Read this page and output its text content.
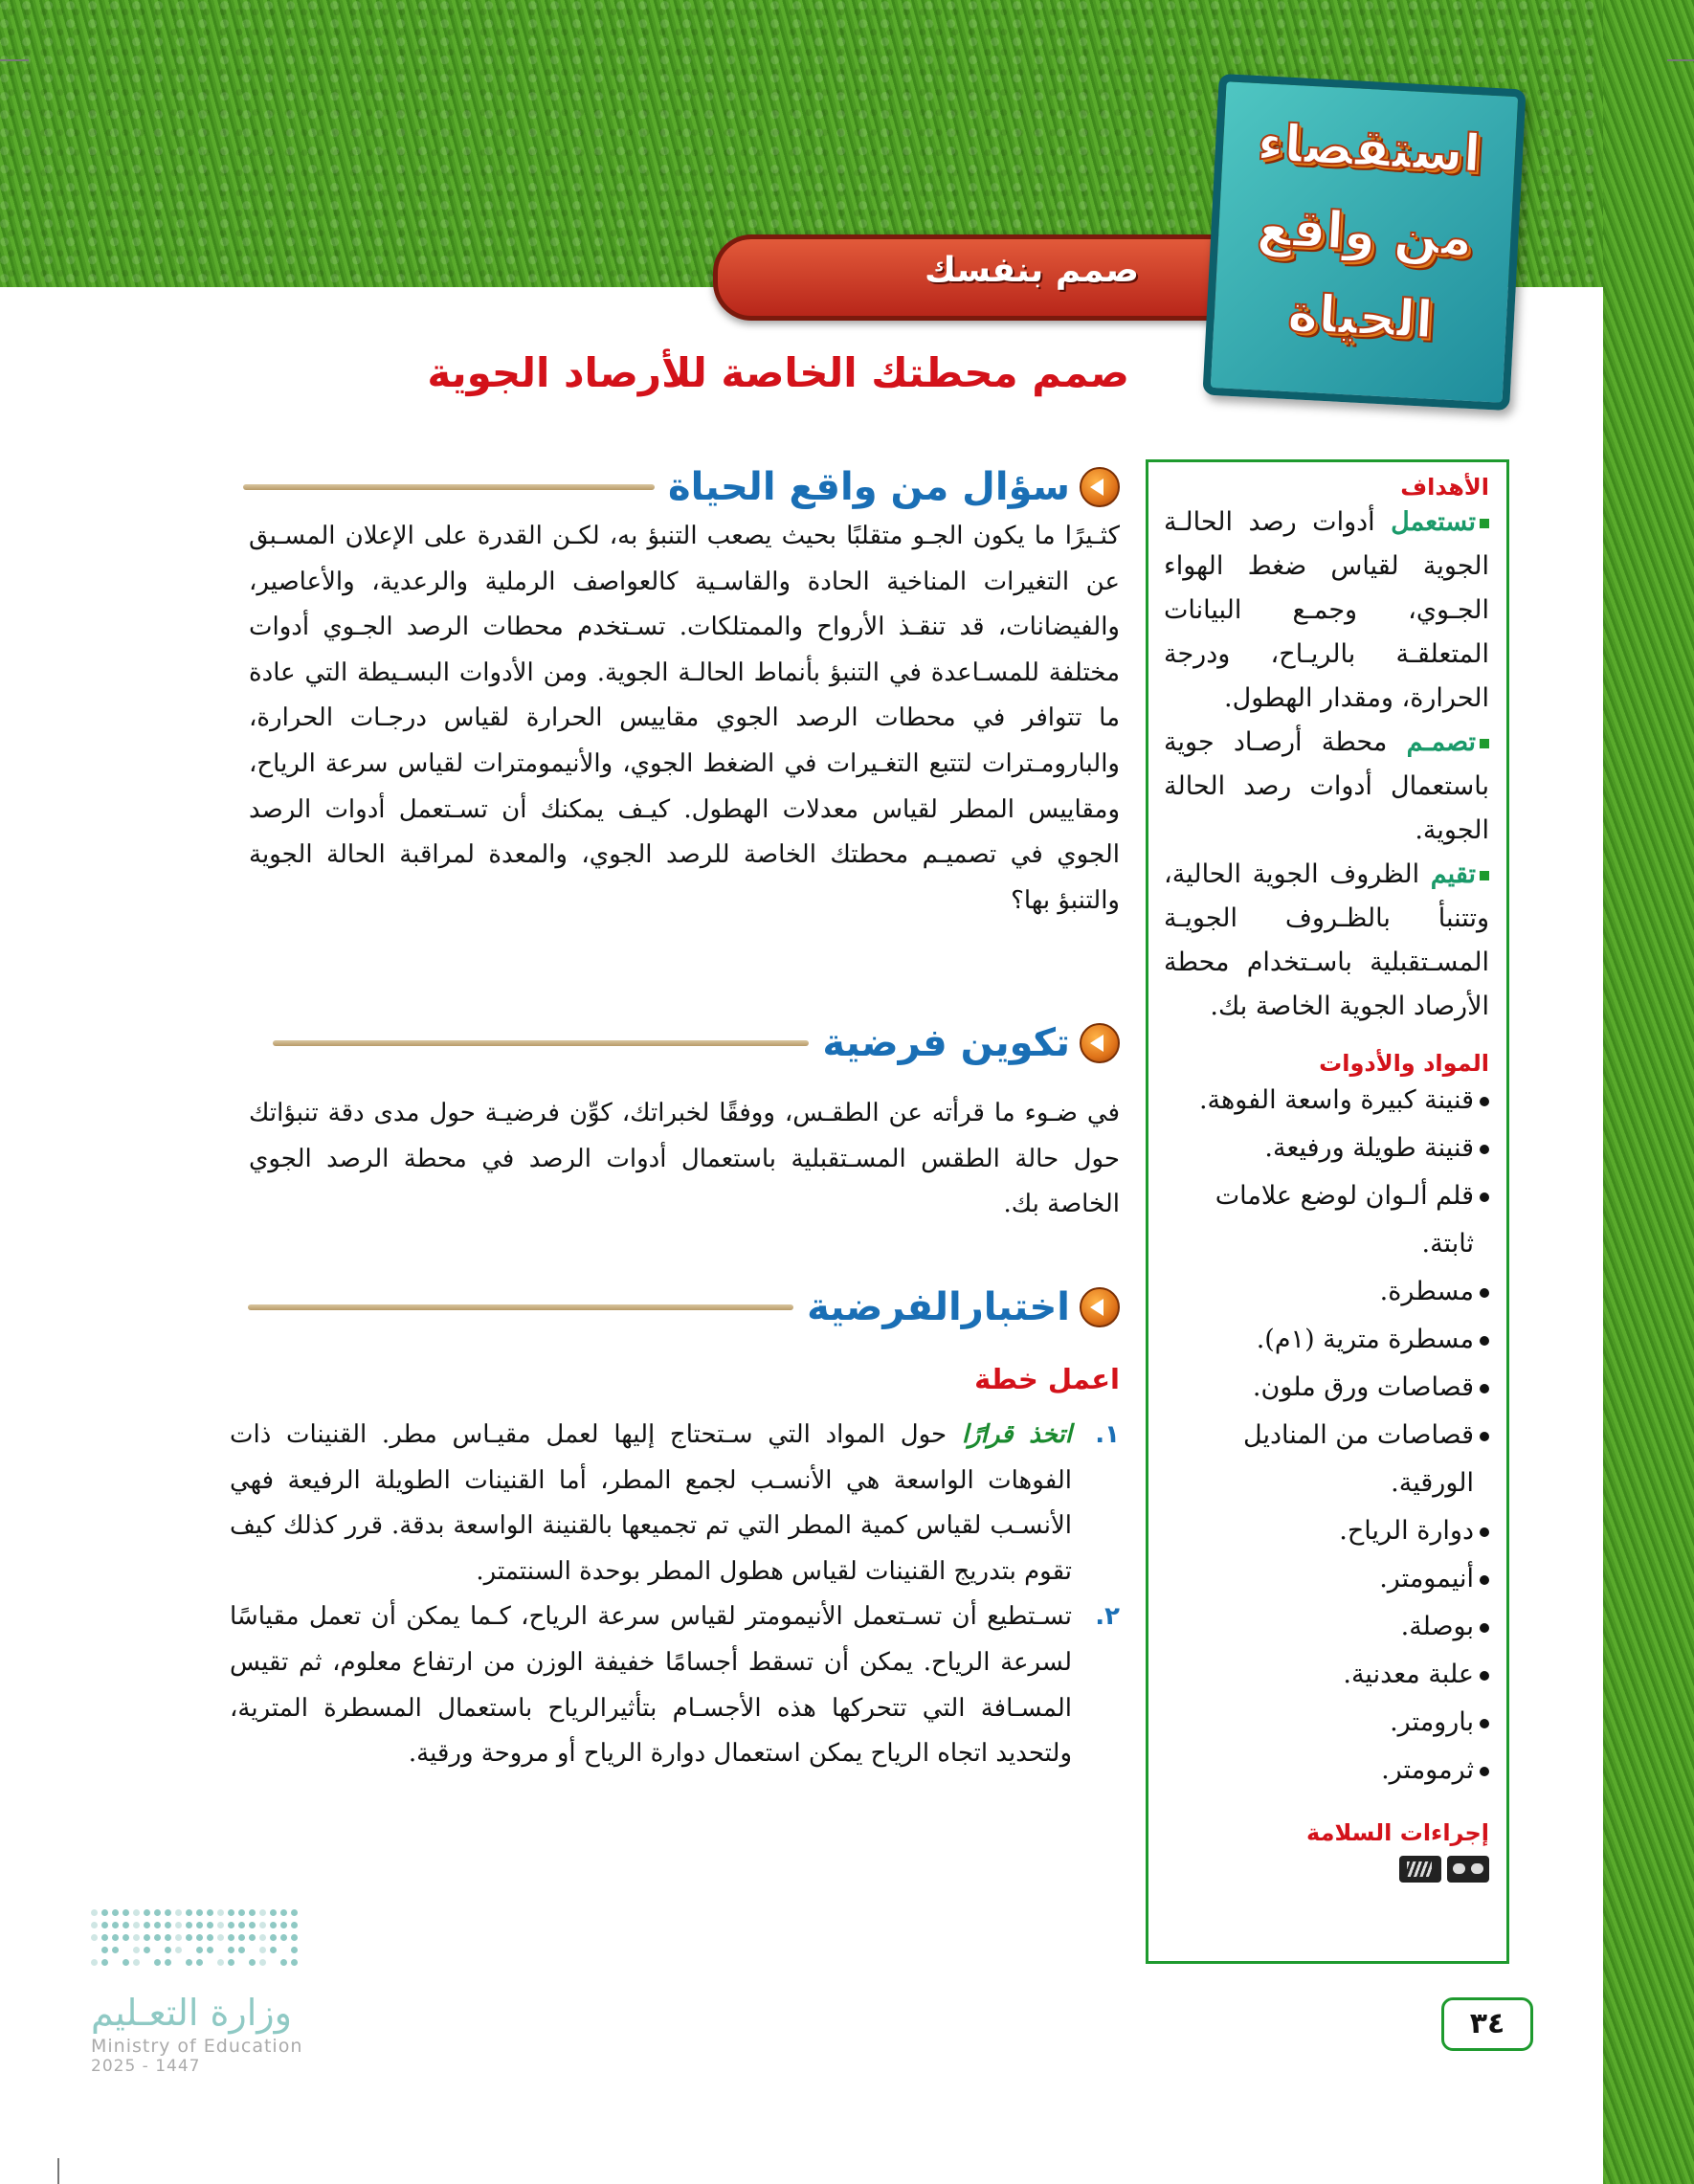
صمم بنفسك
استقصاء
من واقع
الحياة
صمم محطتك الخاصة للأرصاد الجوية
سؤال من واقع الحياة

كثـيرًا ما يكون الجـو متقلبًا بحيث يصعب التنبؤ به، لكـن القدرة على الإعلان المسـبق عن التغيرات المناخية الحادة والقاسـية كالعواصف الرملية والرعدية، والأعاصير، والفيضانات، قد تنقـذ الأرواح والممتلكات. تسـتخدم محطات الرصد الجـوي أدوات مختلفة للمسـاعدة في التنبؤ بأنماط الحالـة الجوية. ومن الأدوات البسـيطة التي عادة ما تتوافر في محطات الرصد الجوي مقاييس الحرارة لقياس درجـات الحرارة، والبارومـترات لتتبع التغـيرات في الضغط الجوي، والأنيمومترات لقياس سرعة الرياح، ومقاييس المطر لقياس معدلات الهطول. كيـف يمكنك أن تسـتعمل أدوات الرصد الجوي في تصميـم محطتك الخاصة للرصد الجوي، والمعدة لمراقبة الحالة الجوية والتنبؤ بها؟

تكوين فرضية

في ضـوء ما قرأته عن الطقـس، ووفقًا لخبراتك، كوِّن فرضيـة حول مدى دقة تنبؤاتك حول حالة الطقس المسـتقبلية باستعمال أدوات الرصد في محطة الرصد الجوي الخاصة بك.

اختبارالفرضية
اعمل خطة
١.
اتخذ قرارًا حول المواد التي سـتحتاج إليها لعمل مقيـاس مطر. القنينات ذات الفوهات الواسعة هي الأنسـب لجمع المطر، أما القنينات الطويلة الرفيعة فهي الأنسـب لقياس كمية المطر التي تم تجميعها بالقنينة الواسعة بدقة. قرر كذلك كيف تقوم بتدريج القنينات لقياس هطول المطر بوحدة السنتمتر.
٢.
تسـتطيع أن تسـتعمل الأنيمومتر لقياس سرعة الرياح، كـما يمكن أن تعمل مقياسًا لسرعة الرياح. يمكن أن تسقط أجسامًا خفيفة الوزن من ارتفاع معلوم، ثم تقيس المسـافة التي تتحركها هذه الأجسـام بتأثيرالرياح باستعمال المسطرة المترية، ولتحديد اتجاه الرياح يمكن استعمال دوارة الرياح أو مروحة ورقية.
الأهداف

تستعمل أدوات رصد الحالـة الجوية لقياس ضغط الهواء الجـوي، وجمـع البيانات المتعلقـة بالريـاح، ودرجة الحرارة، ومقدار الهطول.

تصمـم محطة أرصـاد جوية باستعمال أدوات رصد الحالة الجوية.

تقيم الظروف الجوية الحالية، وتتنبأ بالظـروف الجويـة المسـتقبلية باسـتخدام محطة الأرصاد الجوية الخاصة بك.

المواد والأدوات
قنينة كبيرة واسعة الفوهة.
قنينة طويلة ورفيعة.
قلم ألـوان لوضع علامات ثابتة.
مسطرة.
مسطرة مترية (١م).
قصاصات ورق ملون.
قصاصات من المناديل الورقية.
دوارة الرياح.
أنيمومتر.
بوصلة.
علبة معدنية.
بارومتر.
ثرمومتر.
إجراءات السلامة
٣٤
وزارة التعـليم
Ministry of Education
2025 - 1447
